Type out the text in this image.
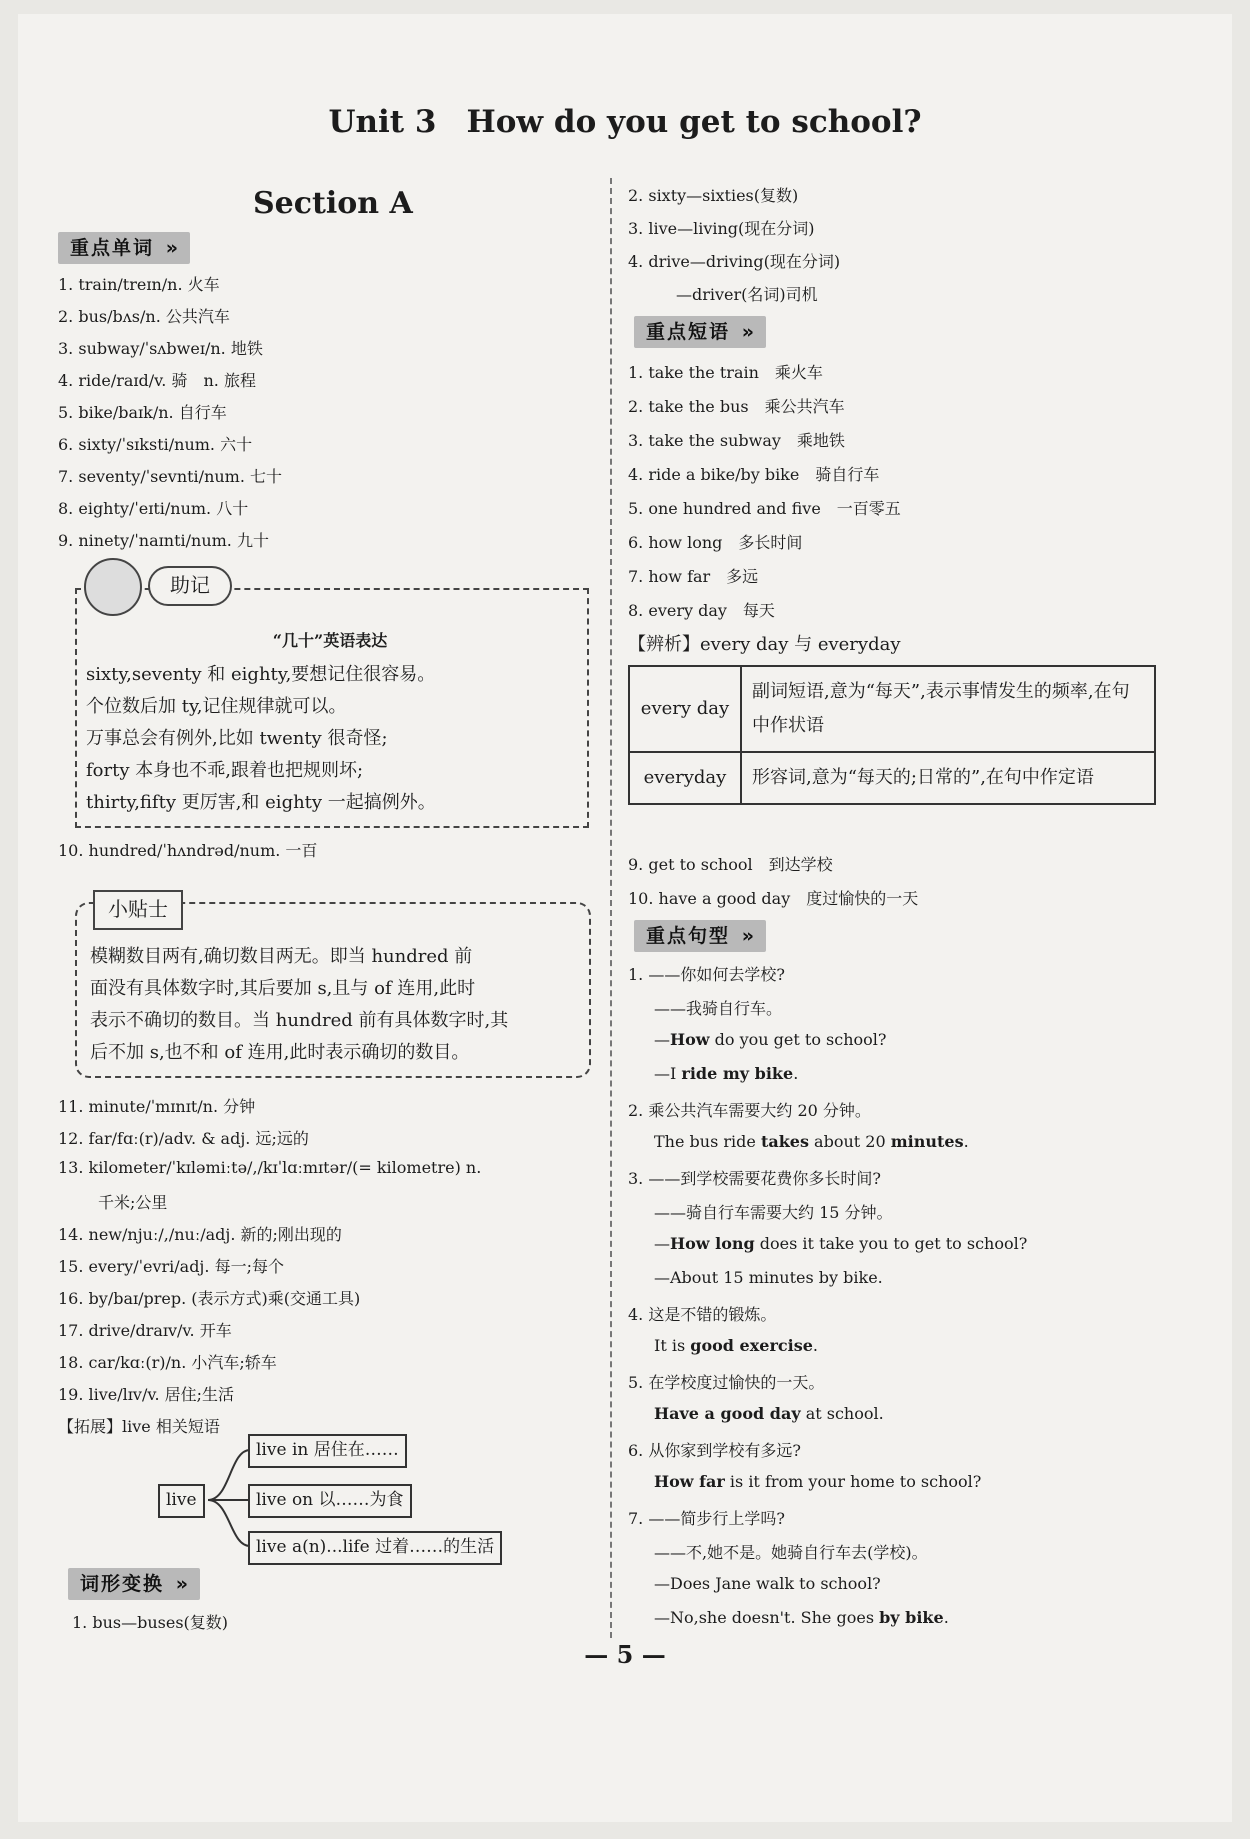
Unit 3 How do you get to school?
Section A
重点单词 »
1. train/treɪn/n. 火车
2. bus/bʌs/n. 公共汽车
3. subway/ˈsʌbweɪ/n. 地铁
4. ride/raɪd/v. 骑　n. 旅程
5. bike/baɪk/n. 自行车
6. sixty/ˈsɪksti/num. 六十
7. seventy/ˈsevnti/num. 七十
8. eighty/ˈeɪti/num. 八十
9. ninety/ˈnaɪnti/num. 九十
助记
“几十”英语表达
sixty,seventy 和 eighty,要想记住很容易。
个位数后加 ty,记住规律就可以。
万事总会有例外,比如 twenty 很奇怪;
forty 本身也不乖,跟着也把规则坏;
thirty,fifty 更厉害,和 eighty 一起搞例外。
10. hundred/ˈhʌndrəd/num. 一百
小贴士
模糊数目两有,确切数目两无。即当 hundred 前
面没有具体数字时,其后要加 s,且与 of 连用,此时
表示不确切的数目。当 hundred 前有具体数字时,其
后不加 s,也不和 of 连用,此时表示确切的数目。
11. minute/ˈmɪnɪt/n. 分钟
12. far/fɑː(r)/adv. & adj. 远;远的
13. kilometer/ˈkɪləmiːtə/,/kɪˈlɑːmɪtər/(= kilometre) n.
千米;公里
14. new/njuː/,/nuː/adj. 新的;刚出现的
15. every/ˈevri/adj. 每一;每个
16. by/baɪ/prep. (表示方式)乘(交通工具)
17. drive/draɪv/v. 开车
18. car/kɑː(r)/n. 小汽车;轿车
19. live/lɪv/v. 居住;生活
【拓展】live 相关短语
live
live in 居住在……
live on 以……为食
live a(n)...life 过着……的生活
词形变换 »
1. bus—buses(复数)
2. sixty—sixties(复数)
3. live—living(现在分词)
4. drive—driving(现在分词)
—driver(名词)司机
重点短语 »
1. take the train　乘火车
2. take the bus　乘公共汽车
3. take the subway　乘地铁
4. ride a bike/by bike　骑自行车
5. one hundred and five　一百零五
6. how long　多长时间
7. how far　多远
8. every day　每天
【辨析】every day 与 everyday
every day	副词短语,意为“每天”,表示事情发生的频率,在句中作状语
everyday	形容词,意为“每天的;日常的”,在句中作定语
9. get to school　到达学校
10. have a good day　度过愉快的一天
重点句型 »
1. ——你如何去学校?
——我骑自行车。
—How do you get to school?
—I ride my bike.
2. 乘公共汽车需要大约 20 分钟。
The bus ride takes about 20 minutes.
3. ——到学校需要花费你多长时间?
——骑自行车需要大约 15 分钟。
—How long does it take you to get to school?
—About 15 minutes by bike.
4. 这是不错的锻炼。
It is good exercise.
5. 在学校度过愉快的一天。
Have a good day at school.
6. 从你家到学校有多远?
How far is it from your home to school?
7. ——简步行上学吗?
——不,她不是。她骑自行车去(学校)。
—Does Jane walk to school?
—No,she doesn't. She goes by bike.
— 5 —
